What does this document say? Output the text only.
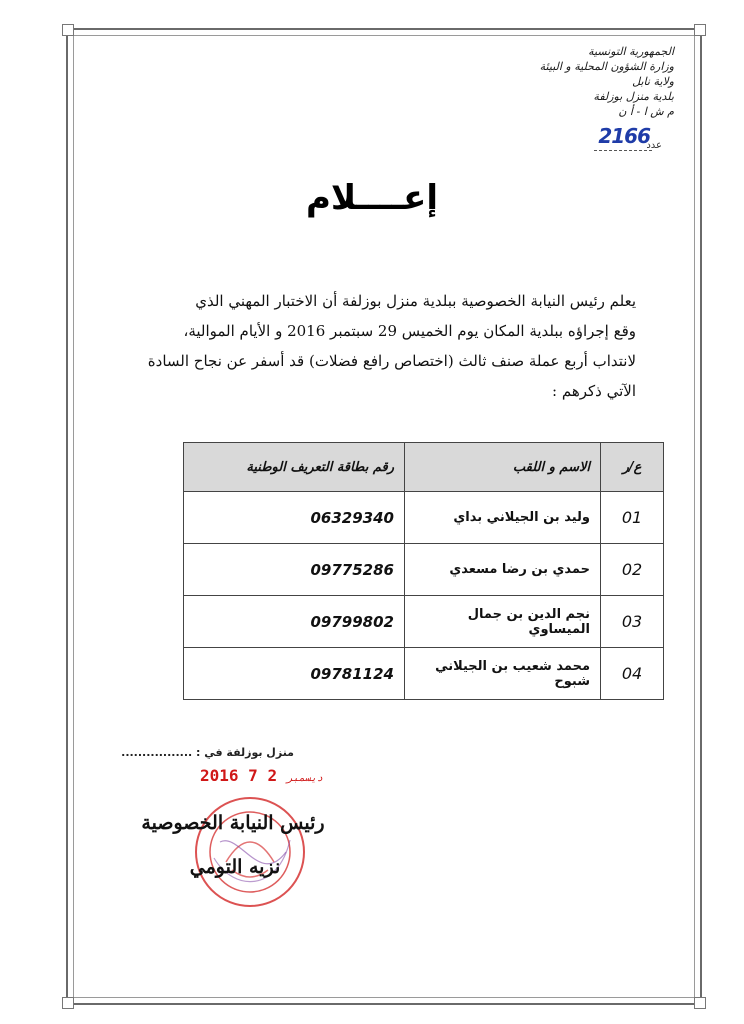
الجمهورية التونسية
وزارة الشؤون المحلية و البيئة
ولاية نابل
بلدية منزل بوزلفة
م ش ا - أ ن
2166
عدد
إعــــلام
يعلم رئيس النيابة الخصوصية ببلدية منزل بوزلفة أن الاختبار المهني الذي
وقع إجراؤه ببلدية المكان يوم الخميس 29 سبتمبر 2016 و الأيام الموالية،
لانتداب أربع عملة صنف ثالث (اختصاص رافع فضلات) قد أسفر عن نجاح السادة
الآتي ذكرهم :
ع/ر	الاسم و اللقب	رقم بطاقة التعريف الوطنية
01	وليد بن الجيلاني بداي	06329340
02	حمدي بن رضا مسعدي	09775286
03	نجم الدين بن جمال الميساوي	09799802
04	محمد شعيب بن الجيلاني شبوح	09781124
منزل بوزلفة في : .................
2016	ديسمبر 2 7
رئيس النيابة الخصوصية
نزيه التومي
